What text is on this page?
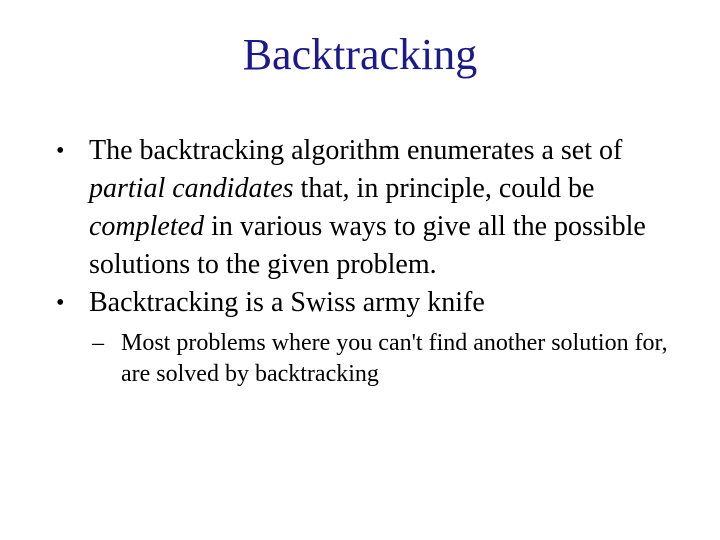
Backtracking
• The backtracking algorithm enumerates a set of partial candidates that, in principle, could be completed in various ways to give all the possible solutions to the given problem.
• Backtracking is a Swiss army knife
– Most problems where you can't find another solution for, are solved by backtracking
